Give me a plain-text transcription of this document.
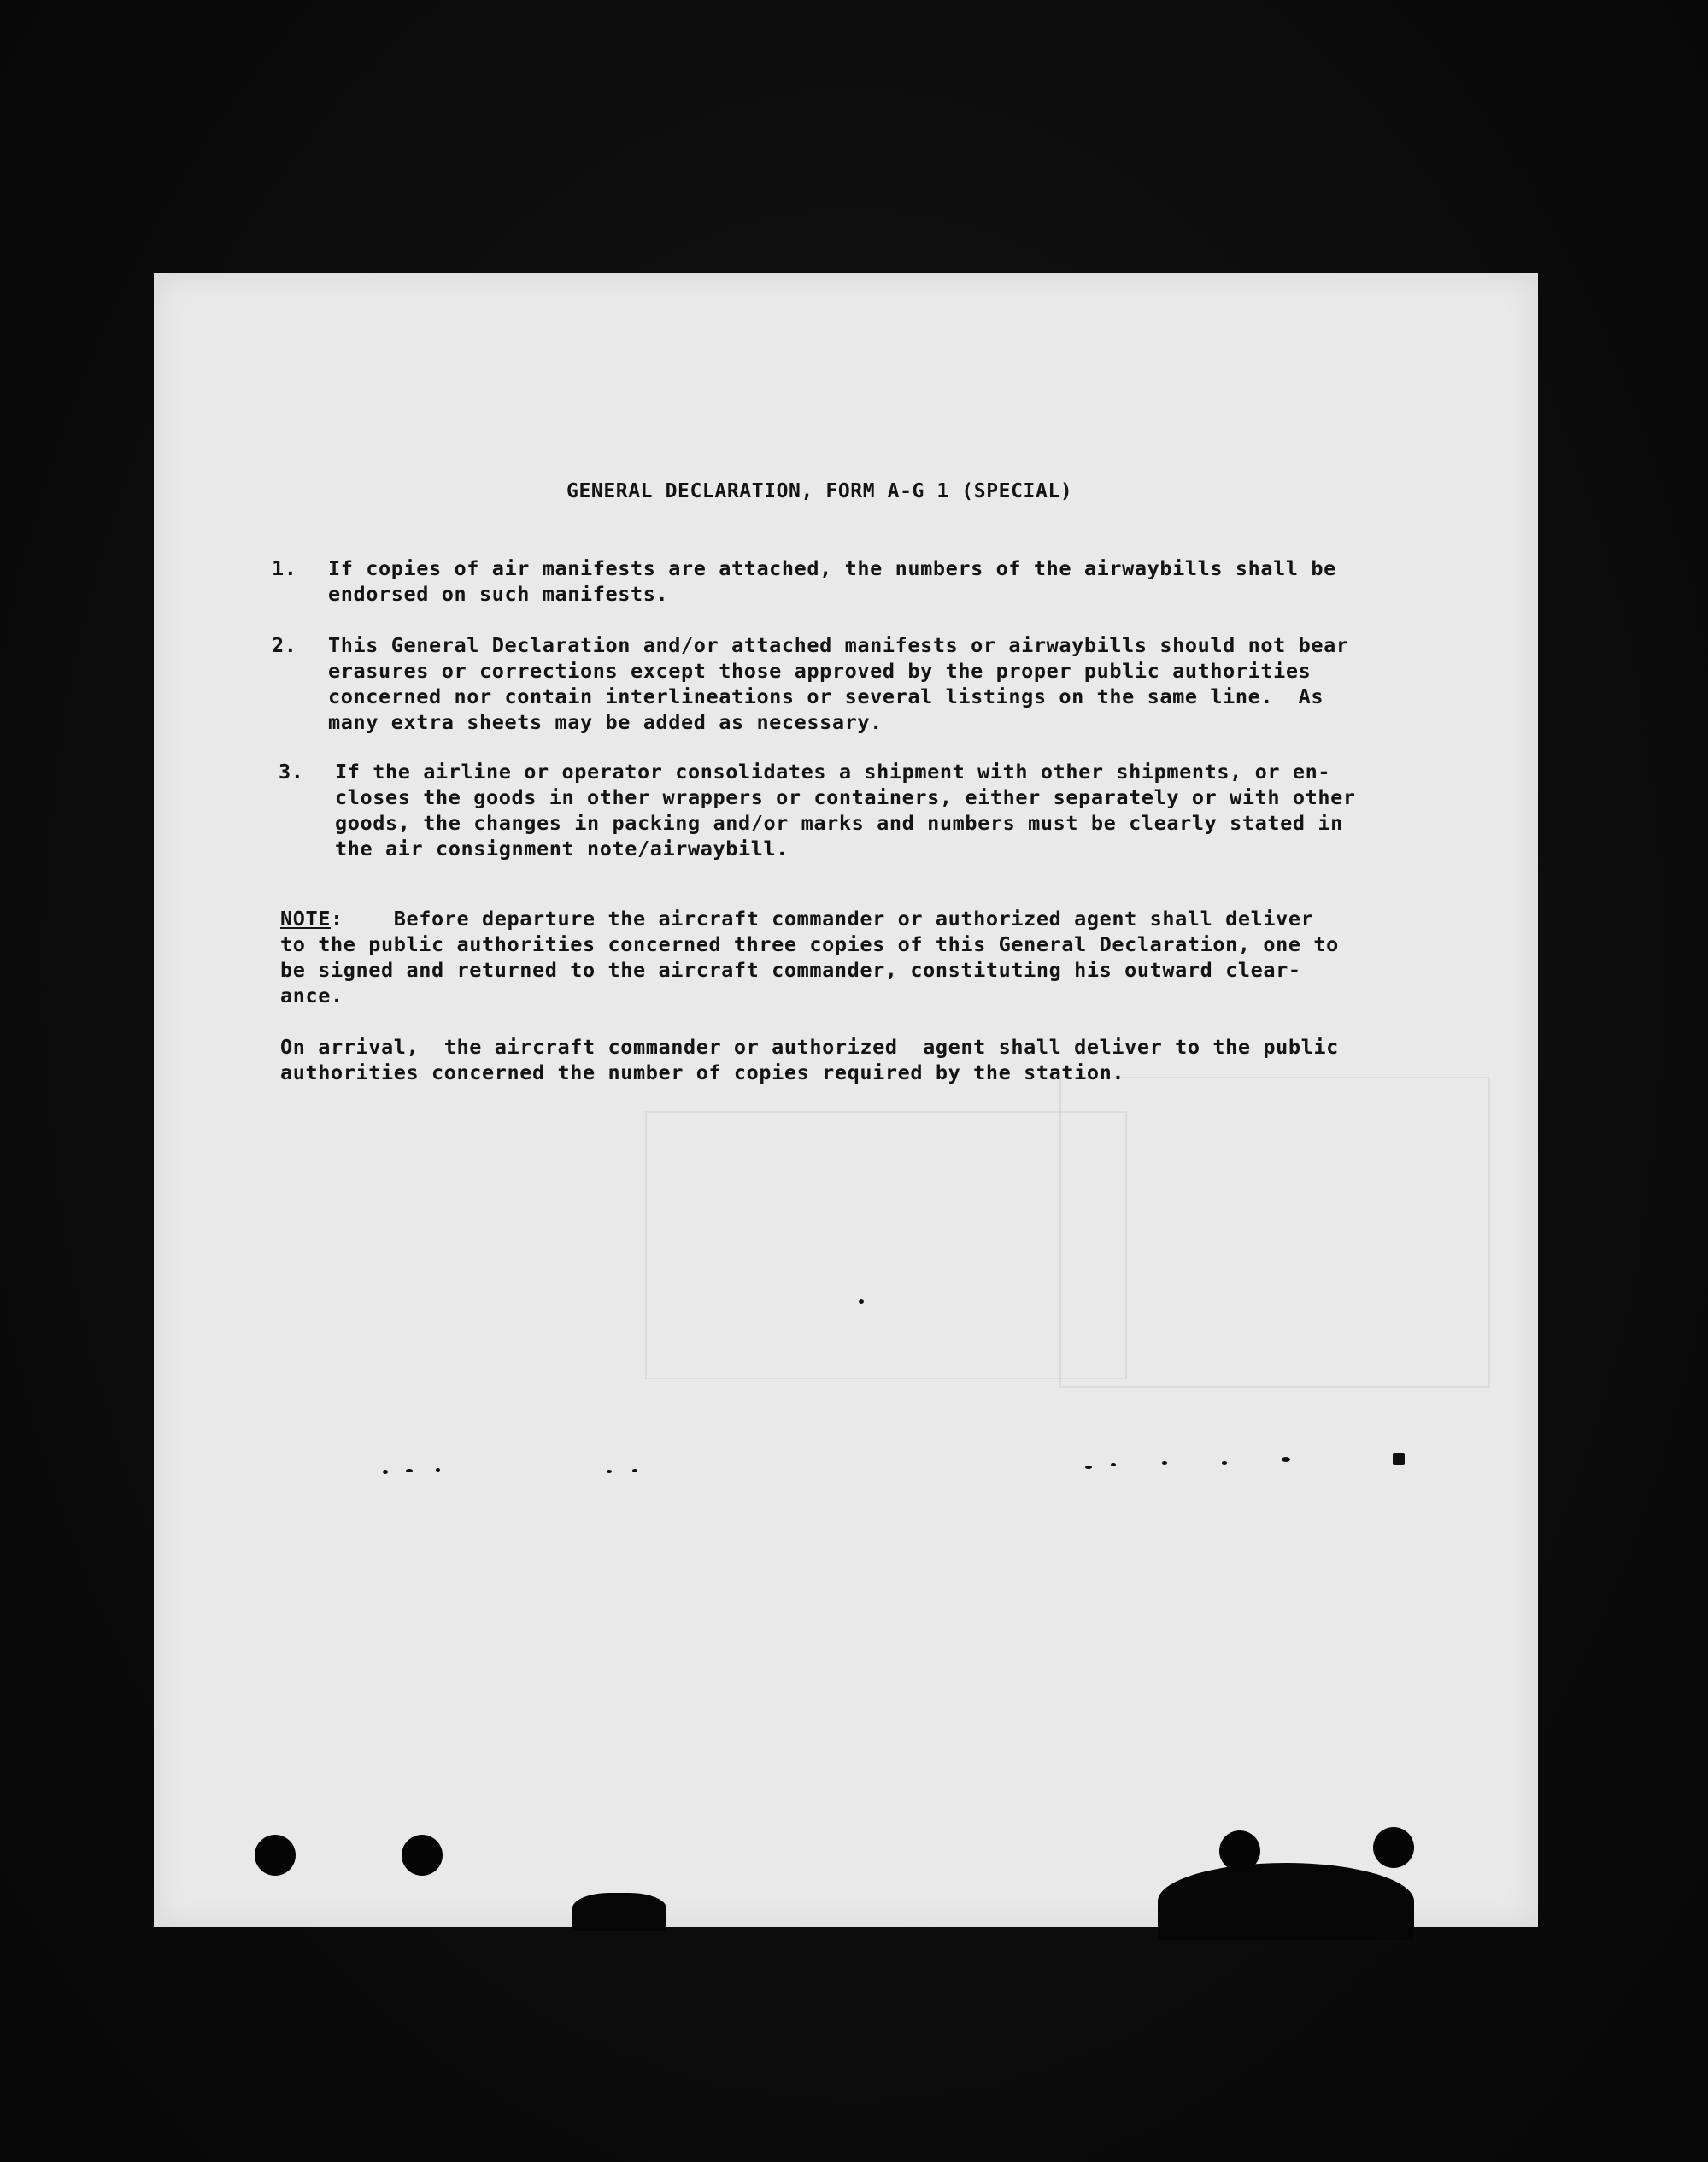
GENERAL DECLARATION, FORM A-G 1 (SPECIAL)
1. If copies of air manifests are attached, the numbers of the airwaybills shall be
endorsed on such manifests.
2. This General Declaration and/or attached manifests or airwaybills should not bear
erasures or corrections except those approved by the proper public authorities
concerned nor contain interlineations or several listings on the same line.  As
many extra sheets may be added as necessary.
3. If the airline or operator consolidates a shipment with other shipments, or en-
closes the goods in other wrappers or containers, either separately or with other
goods, the changes in packing and/or marks and numbers must be clearly stated in
the air consignment note/airwaybill.
NOTE:    Before departure the aircraft commander or authorized agent shall deliver
to the public authorities concerned three copies of this General Declaration, one to
be signed and returned to the aircraft commander, constituting his outward clear-
ance.
On arrival,  the aircraft commander or authorized  agent shall deliver to the public
authorities concerned the number of copies required by the station.
